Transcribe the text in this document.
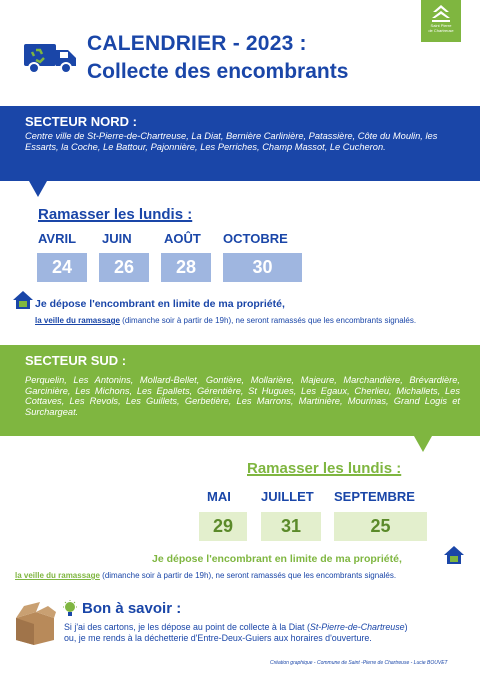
Saint Pierre
de Chartreuse
CALENDRIER - 2023 :
Collecte des encombrants
SECTEUR NORD :
Centre ville de St-Pierre-de-Chartreuse, La Diat, Bernière Carlinière, Patassière, Côte du Moulin, les Essarts, la Coche, Le Battour, Pajonnière, Les Perriches, Champ Massot, Le Cucheron.
Ramasser les lundis :
AVRIL JUIN AOÛT OCTOBRE
24	26	28	30
Je dépose l'encombrant en limite de ma propriété,
la veille du ramassage (dimanche soir à partir de 19h), ne seront ramassés que les encombrants signalés.
SECTEUR SUD :
Perquelin, Les Antonins, Mollard-Bellet, Gontière, Mollarière, Majeure, Marchandière, Brévardière, Garcinière, Les Michons, Les Epallets, Gérentière, St Hugues, Les Egaux, Cherlieu, Michallets, Les Cottaves, Les Revols, Les Guillets, Gerbetière, Les Marrons, Martinière, Mourinas, Grand Logis et Surchargeat.
Ramasser les lundis :
MAI JUILLET SEPTEMBRE
29	31	25
Je dépose l'encombrant en limite de ma propriété,
la veille du ramassage (dimanche soir à partir de 19h), ne seront ramassés que les encombrants signalés.
Bon à savoir :
Si j'ai des cartons, je les dépose au point de collecte à la Diat (St-Pierre-de-Chartreuse)
ou, je me rends à la déchetterie d'Entre-Deux-Guiers aux horaires d'ouverture.
Création graphique - Commune de Saint -Pierre de Chartreuse - Lucie BOUVET
